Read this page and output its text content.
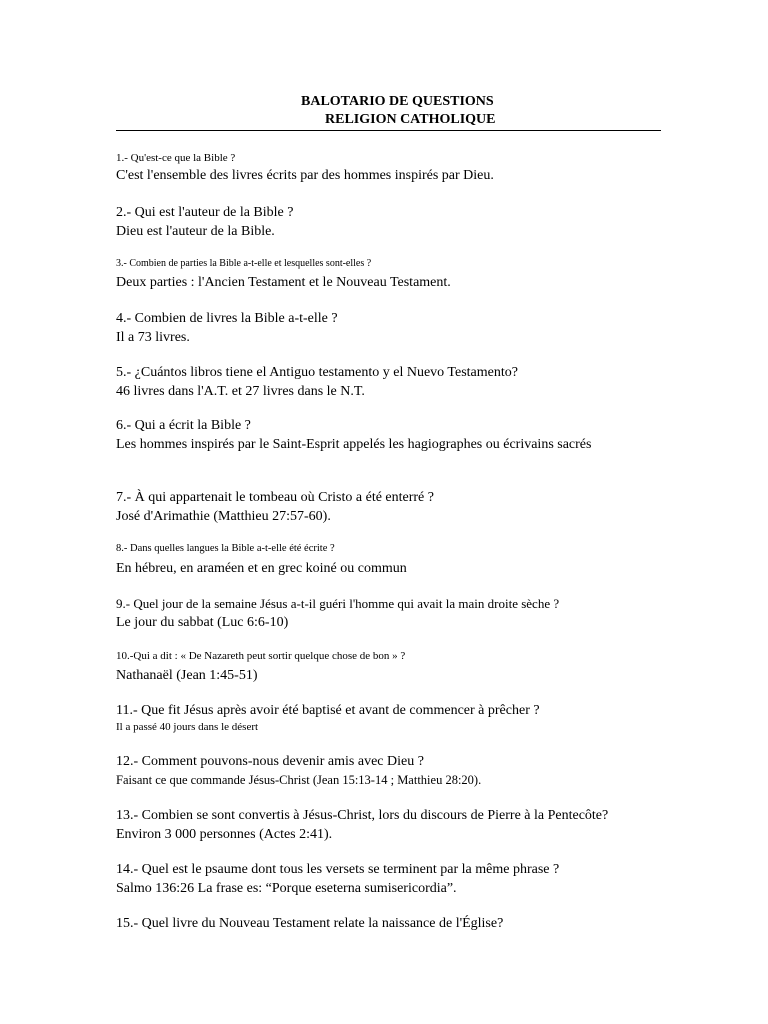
BALOTARIO DE QUESTIONS
RELIGION CATHOLIQUE
1.- Qu'est-ce que la Bible ?
C'est l'ensemble des livres écrits par des hommes inspirés par Dieu.
2.- Qui est l'auteur de la Bible ?
Dieu est l'auteur de la Bible.
3.- Combien de parties la Bible a-t-elle et lesquelles sont-elles ?
Deux parties : l'Ancien Testament et le Nouveau Testament.
4.- Combien de livres la Bible a-t-elle ?
Il a 73 livres.
5.- ¿Cuántos libros tiene el Antiguo testamento y el Nuevo Testamento?
46 livres dans l'A.T. et 27 livres dans le N.T.
6.- Qui a écrit la Bible ?
Les hommes inspirés par le Saint-Esprit appelés les hagiographes ou écrivains sacrés
7.- À qui appartenait le tombeau où Cristo a été enterré ?
José d'Arimathie (Matthieu 27:57-60).
8.- Dans quelles langues la Bible a-t-elle été écrite ?
En hébreu, en araméen et en grec koiné ou commun
9.- Quel jour de la semaine Jésus a-t-il guéri l'homme qui avait la main droite sèche ?
Le jour du sabbat (Luc 6:6-10)
10.-Qui a dit : « De Nazareth peut sortir quelque chose de bon » ?
Nathanaël (Jean 1:45-51)
11.- Que fit Jésus après avoir été baptisé et avant de commencer à prêcher ?
Il a passé 40 jours dans le désert
12.- Comment pouvons-nous devenir amis avec Dieu ?
Faisant ce que commande Jésus-Christ (Jean 15:13-14 ; Matthieu 28:20).
13.- Combien se sont convertis à Jésus-Christ, lors du discours de Pierre à la Pentecôte?
Environ 3 000 personnes (Actes 2:41).
14.- Quel est le psaume dont tous les versets se terminent par la même phrase ?
Salmo 136:26 La frase es: “Porque eseterna sumisericordia”.
15.- Quel livre du Nouveau Testament relate la naissance de l'Église?
